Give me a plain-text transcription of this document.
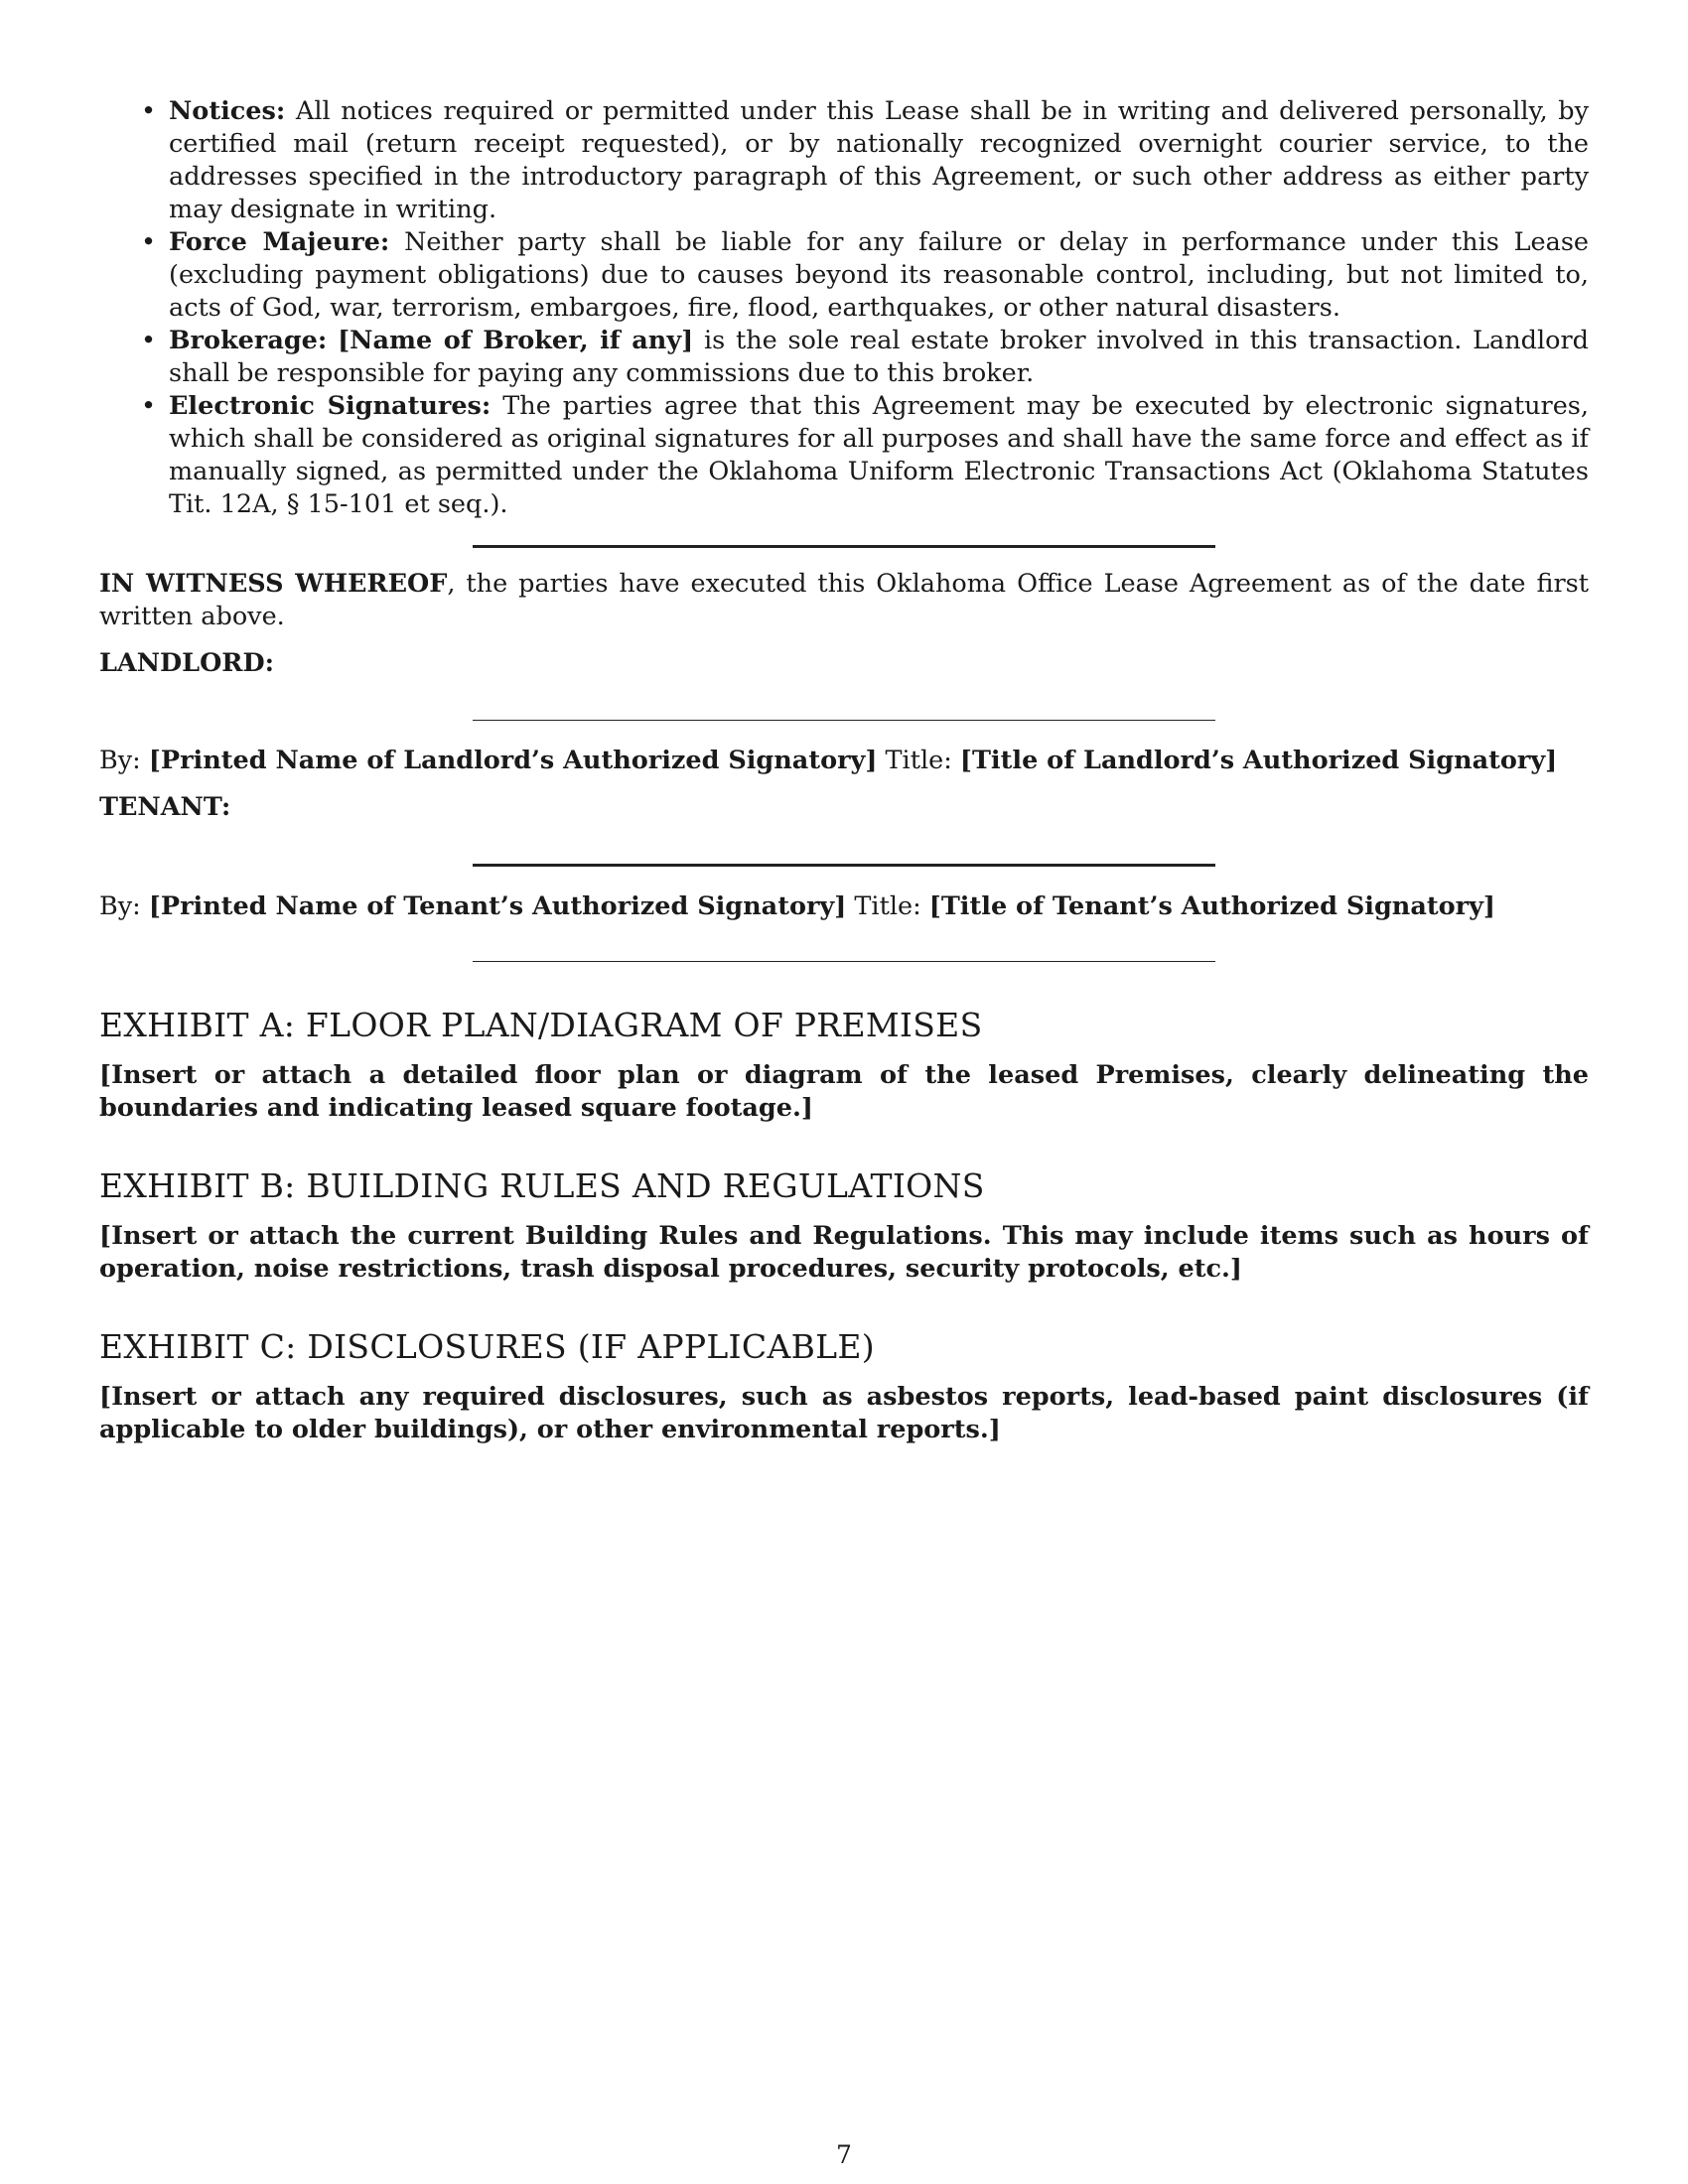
• Notices: All notices required or permitted under this Lease shall be in writing and delivered personally, by certified mail (return receipt requested), or by nationally recognized overnight courier service, to the addresses specified in the introductory paragraph of this Agreement, or such other address as either party may designate in writing.
• Force Majeure: Neither party shall be liable for any failure or delay in performance under this Lease (excluding payment obligations) due to causes beyond its reasonable control, including, but not limited to, acts of God, war, terrorism, embargoes, fire, flood, earthquakes, or other natural disasters.
• Brokerage: [Name of Broker, if any] is the sole real estate broker involved in this transaction. Landlord shall be responsible for paying any commissions due to this broker.
• Electronic Signatures: The parties agree that this Agreement may be executed by electronic signatures, which shall be considered as original signatures for all purposes and shall have the same force and effect as if manually signed, as permitted under the Oklahoma Uniform Electronic Transactions Act (Oklahoma Statutes Tit. 12A, § 15-101 et seq.).

IN WITNESS WHEREOF, the parties have executed this Oklahoma Office Lease Agreement as of the date first written above.

LANDLORD:

By: [Printed Name of Landlord’s Authorized Signatory] Title: [Title of Landlord’s Authorized Signatory]

TENANT:

By: [Printed Name of Tenant’s Authorized Signatory] Title: [Title of Tenant’s Authorized Signatory]

EXHIBIT A: FLOOR PLAN/DIAGRAM OF PREMISES

[Insert or attach a detailed floor plan or diagram of the leased Premises, clearly delineating the boundaries and indicating leased square footage.]

EXHIBIT B: BUILDING RULES AND REGULATIONS

[Insert or attach the current Building Rules and Regulations. This may include items such as hours of operation, noise restrictions, trash disposal procedures, security protocols, etc.]

EXHIBIT C: DISCLOSURES (IF APPLICABLE)

[Insert or attach any required disclosures, such as asbestos reports, lead-based paint disclosures (if applicable to older buildings), or other environmental reports.]

7
